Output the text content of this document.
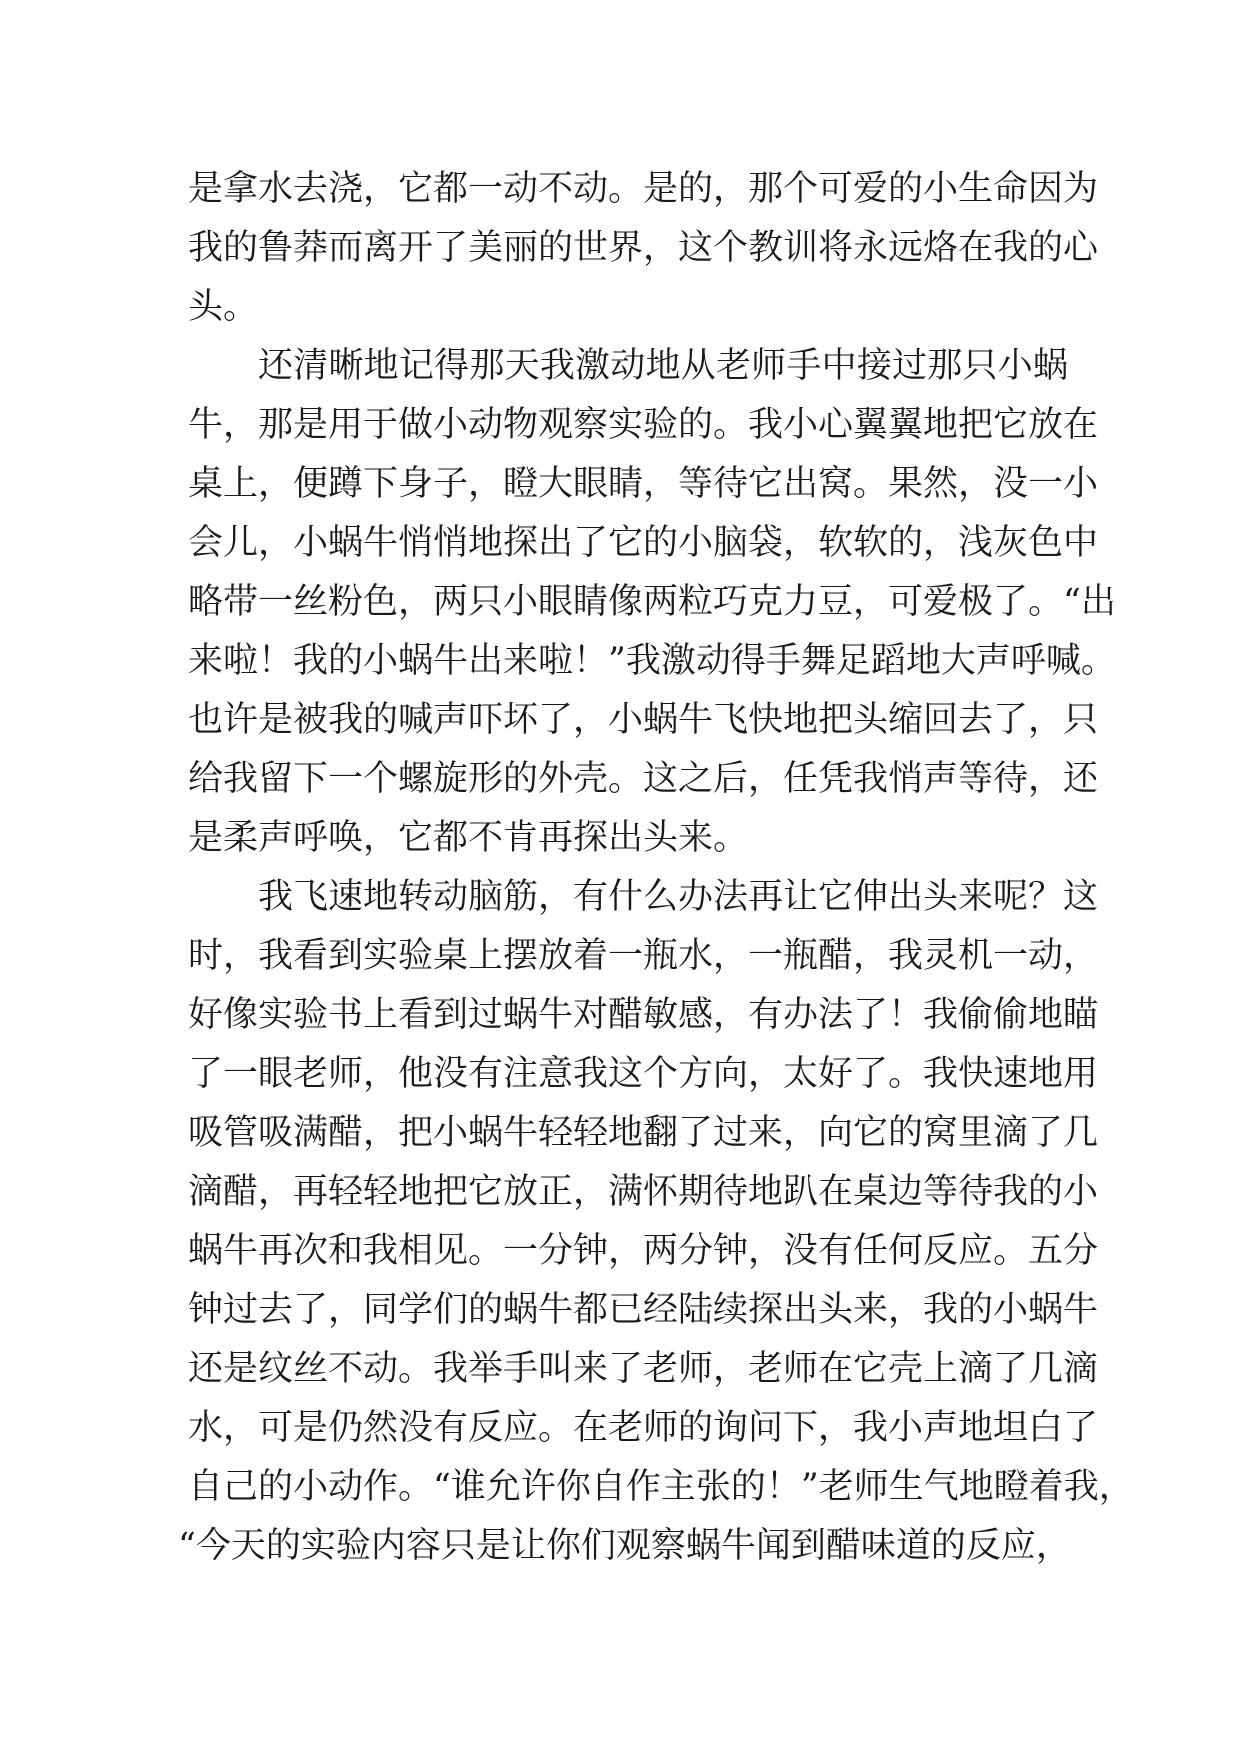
是拿水去浇，它都一动不动。是的，那个可爱的小生命因为
我的鲁莽而离开了美丽的世界，这个教训将永远烙在我的心
头。
还清晰地记得那天我激动地从老师手中接过那只小蜗
牛，那是用于做小动物观察实验的。我小心翼翼地把它放在
桌上，便蹲下身子，瞪大眼睛，等待它出窝。果然，没一小
会儿，小蜗牛悄悄地探出了它的小脑袋，软软的，浅灰色中
略带一丝粉色，两只小眼睛像两粒巧克力豆，可爱极了。“出
来啦！我的小蜗牛出来啦！”我激动得手舞足蹈地大声呼喊。
也许是被我的喊声吓坏了，小蜗牛飞快地把头缩回去了，只
给我留下一个螺旋形的外壳。这之后，任凭我悄声等待，还
是柔声呼唤，它都不肯再探出头来。
我飞速地转动脑筋，有什么办法再让它伸出头来呢？这
时，我看到实验桌上摆放着一瓶水，一瓶醋，我灵机一动，
好像实验书上看到过蜗牛对醋敏感，有办法了！我偷偷地瞄
了一眼老师，他没有注意我这个方向，太好了。我快速地用
吸管吸满醋，把小蜗牛轻轻地翻了过来，向它的窝里滴了几
滴醋，再轻轻地把它放正，满怀期待地趴在桌边等待我的小
蜗牛再次和我相见。一分钟，两分钟，没有任何反应。五分
钟过去了，同学们的蜗牛都已经陆续探出头来，我的小蜗牛
还是纹丝不动。我举手叫来了老师，老师在它壳上滴了几滴
水，可是仍然没有反应。在老师的询问下，我小声地坦白了
自己的小动作。“谁允许你自作主张的！”老师生气地瞪着我，
“今天的实验内容只是让你们观察蜗牛闻到醋味道的反应，
